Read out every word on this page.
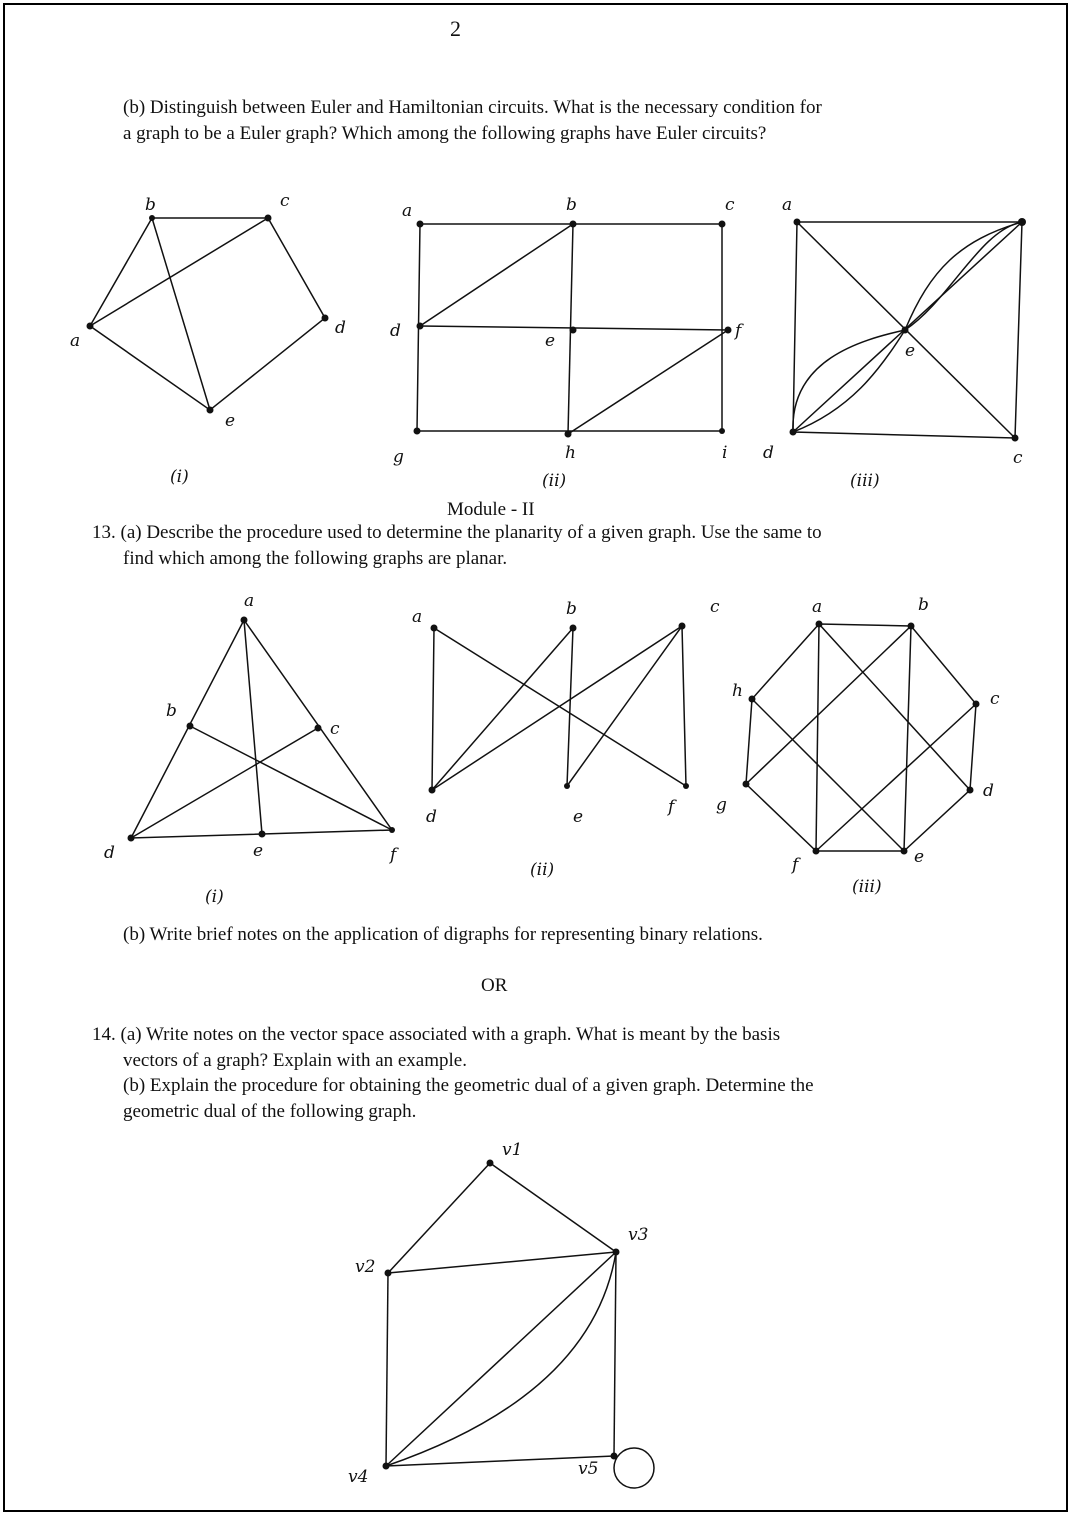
2
(b) Distinguish between Euler and Hamiltonian circuits. What is the necessary condition for
a graph to be a Euler graph? Which among the following graphs have Euler circuits?
Module - II
13. (a) Describe the procedure used to determine the planarity of a given graph. Use the same to
find which among the following graphs are planar.
(b) Write brief notes on the application of digraphs for representing binary relations.
OR
14. (a) Write notes on the vector space associated with a graph. What is meant by the basis
vectors of a graph? Explain with an example.
(b) Explain the procedure for obtaining the geometric dual of a given graph. Determine the
geometric dual of the following graph.
a
b	c
d
e
(i)
a	b	c
d	e	f
g	h	i
(ii)
a
c
d
e
(iii)
a
b
c
d	e	f
(i)
a	b	c
d	e	f
(ii)
a	b
c
d
e
f
g
h
(iii)
v1
v2
v3
v4	v5
